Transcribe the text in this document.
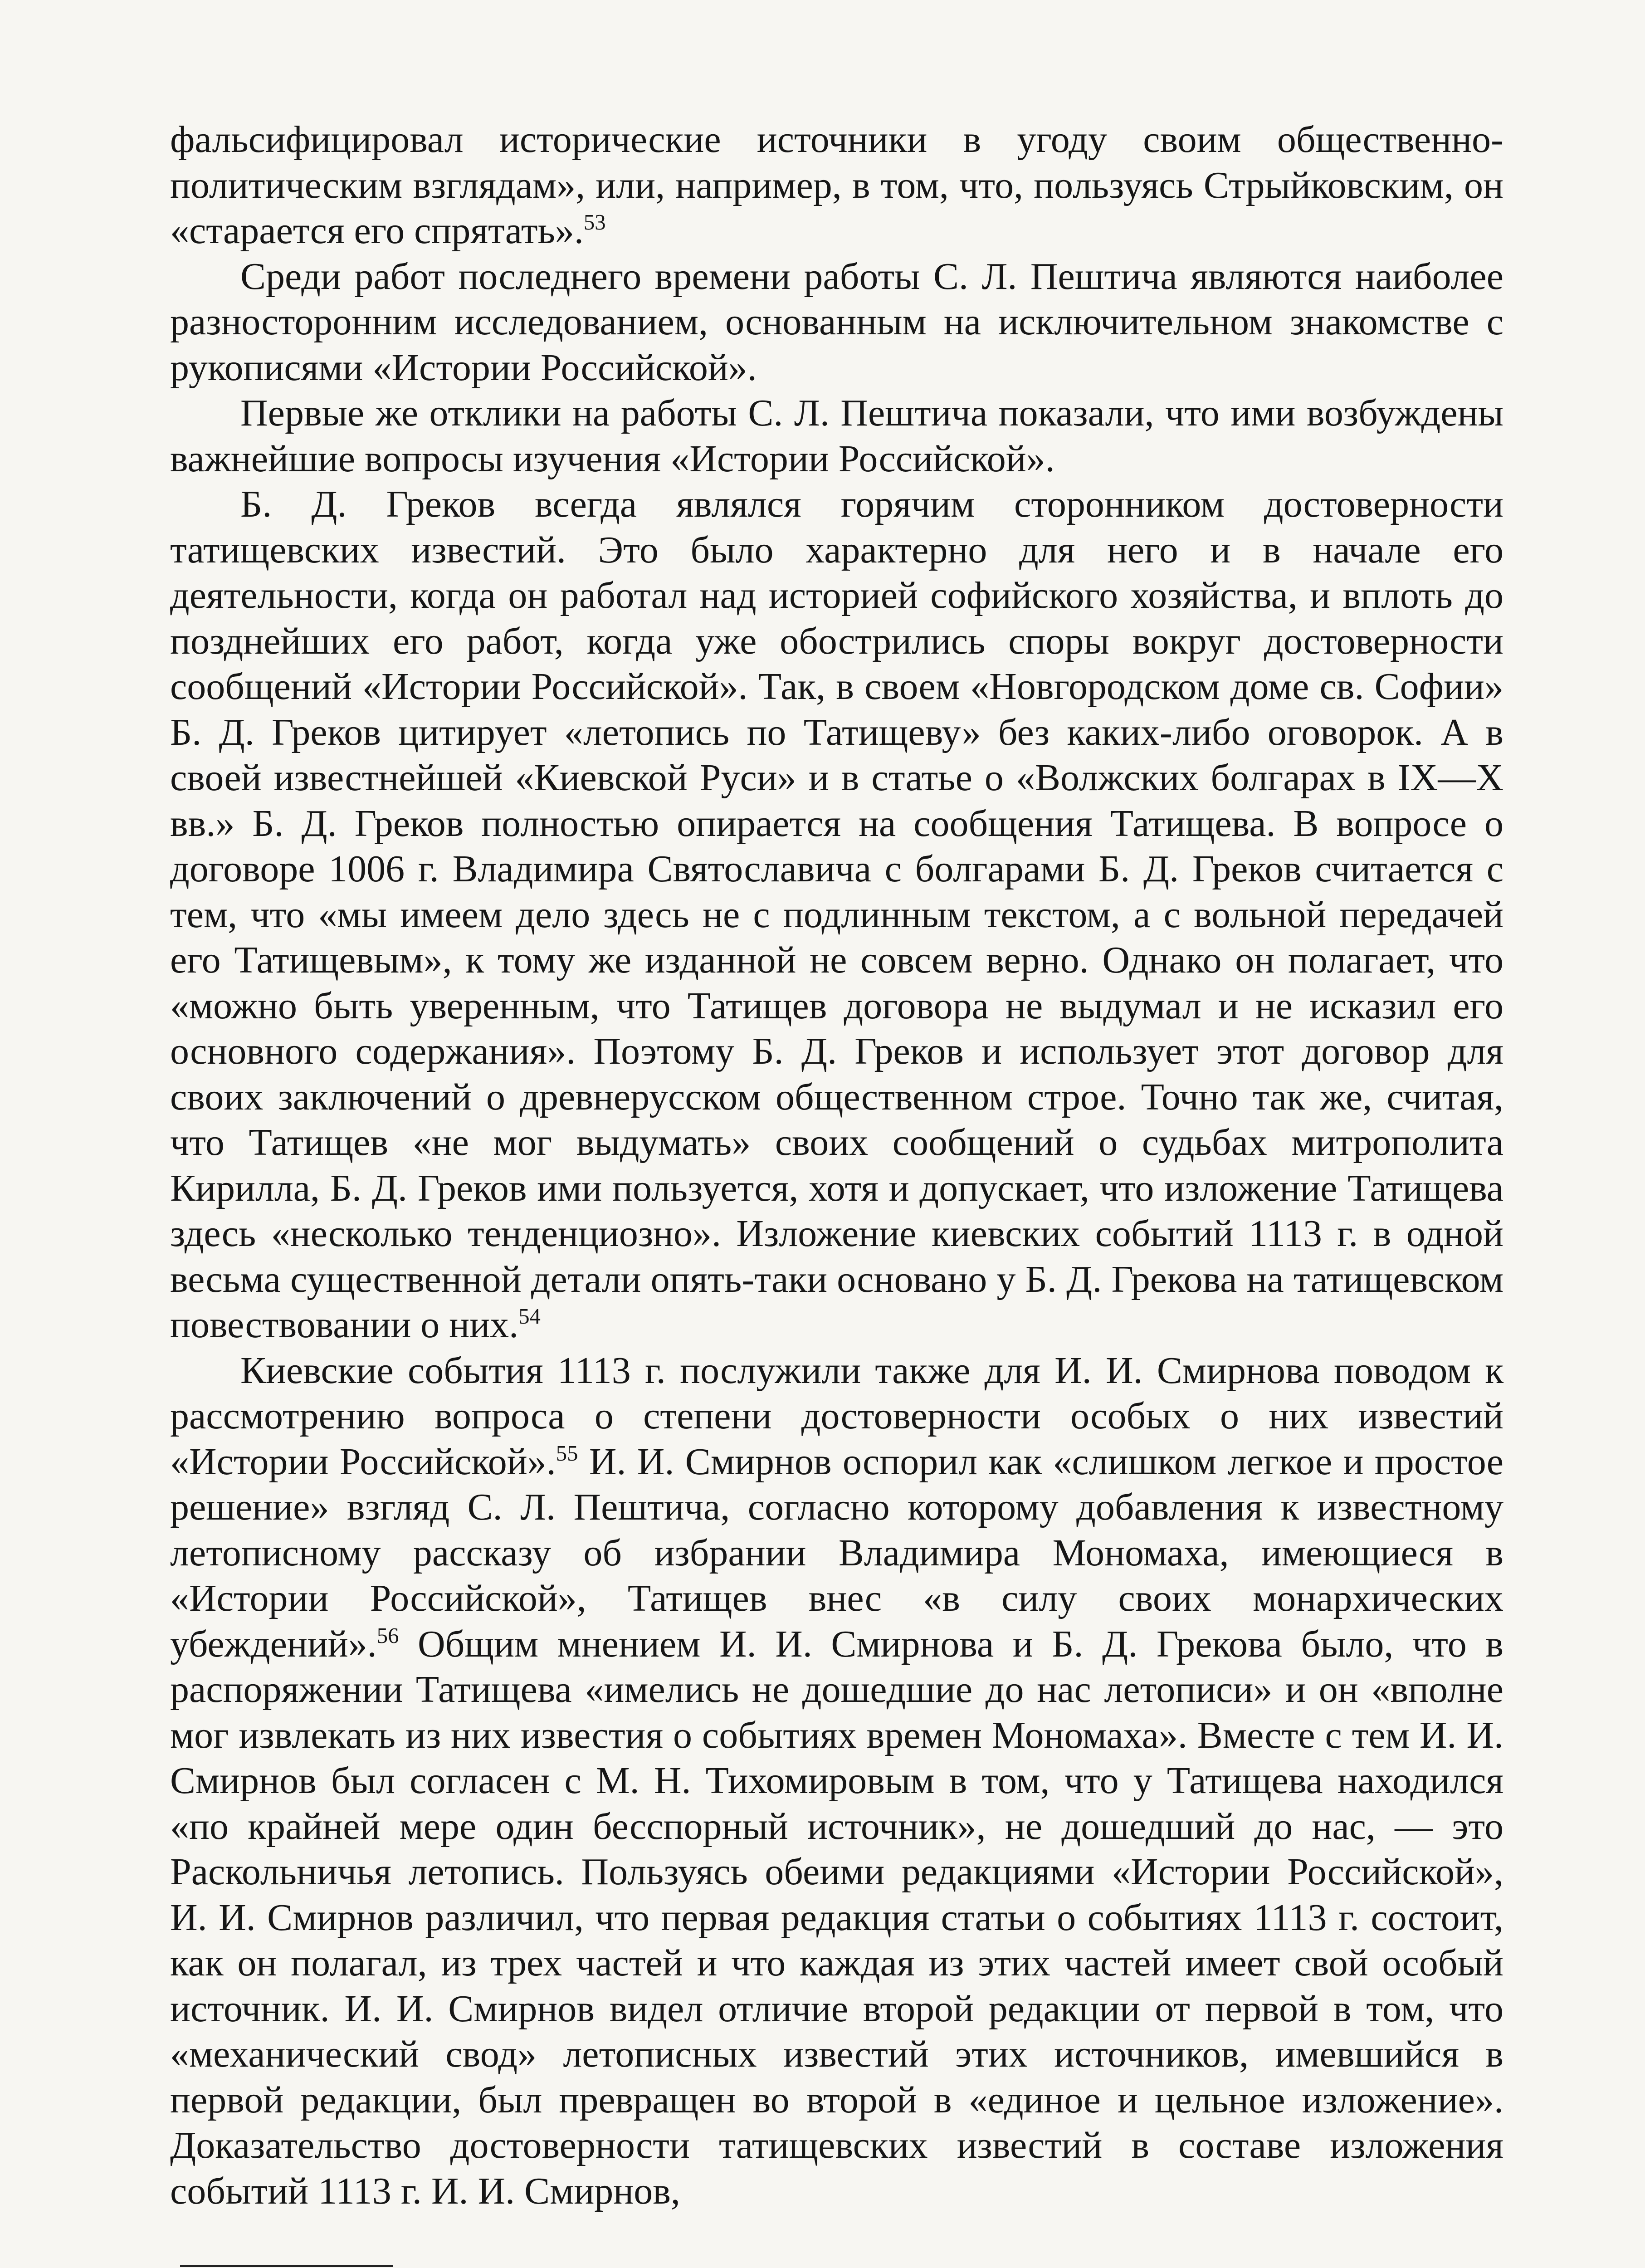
фальсифицировал исторические источники в угоду своим общественно-политическим взглядам», или, например, в том, что, пользуясь Стрыйковским, он «старается его спрятать».$^{53}$

Среди работ последнего времени работы С. Л. Пештича являются наиболее разносторонним исследованием, основанным на исключительном знакомстве с рукописями «Истории Российской».

Первые же отклики на работы С. Л. Пештича показали, что ими возбуждены важнейшие вопросы изучения «Истории Российской».

Б. Д. Греков всегда являлся горячим сторонником достоверности татищевских известий. Это было характерно для него и в начале его деятельности, когда он работал над историей софийского хозяйства, и вплоть до позднейших его работ, когда уже обострились споры вокруг достоверности сообщений «Истории Российской». Так, в своем «Новгородском доме св. Софии» Б. Д. Греков цитирует «летопись по Татищеву» без каких-либо оговорок. А в своей известнейшей «Киевской Руси» и в статье о «Волжских болгарах в IX—X вв.» Б. Д. Греков полностью опирается на сообщения Татищева. В вопросе о договоре 1006 г. Владимира Святославича с болгарами Б. Д. Греков считается с тем, что «мы имеем дело здесь не с подлинным текстом, а с вольной передачей его Татищевым», к тому же изданной не совсем верно. Однако он полагает, что «можно быть уверенным, что Татищев договора не выдумал и не исказил его основного содержания». Поэтому Б. Д. Греков и использует этот договор для своих заключений о древнерусском общественном строе. Точно так же, считая, что Татищев «не мог выдумать» своих сообщений о судьбах митрополита Кирилла, Б. Д. Греков ими пользуется, хотя и допускает, что изложение Татищева здесь «несколько тенденциозно». Изложение киевских событий 1113 г. в одной весьма существенной детали опять-таки основано у Б. Д. Грекова на татищевском повествовании о них.$^{54}$

Киевские события 1113 г. послужили также для И. И. Смирнова поводом к рассмотрению вопроса о степени достоверности особых о них известий «Истории Российской».$^{55}$ И. И. Смирнов оспорил как «слишком легкое и простое решение» взгляд С. Л. Пештича, согласно которому добавления к известному летописному рассказу об избрании Владимира Мономаха, имеющиеся в «Истории Российской», Татищев внес «в силу своих монархических убеждений».$^{56}$ Общим мнением И. И. Смирнова и Б. Д. Грекова было, что в распоряжении Татищева «имелись не дошедшие до нас летописи» и он «вполне мог извлекать из них известия о событиях времен Мономаха». Вместе с тем И. И. Смирнов был согласен с М. Н. Тихомировым в том, что у Татищева находился «по крайней мере один бесспорный источник», не дошедший до нас, — это Раскольничья летопись. Пользуясь обеими редакциями «Истории Российской», И. И. Смирнов различил, что первая редакция статьи о событиях 1113 г. состоит, как он полагал, из трех частей и что каждая из этих частей имеет свой особый источник. И. И. Смирнов видел отличие второй редакции от первой в том, что «механический свод» летописных известий этих источников, имевшийся в первой редакции, был превращен во второй в «единое и цельное изложение». Доказательство достоверности татищевских известий в составе изложения событий 1113 г. И. И. Смирнов,
